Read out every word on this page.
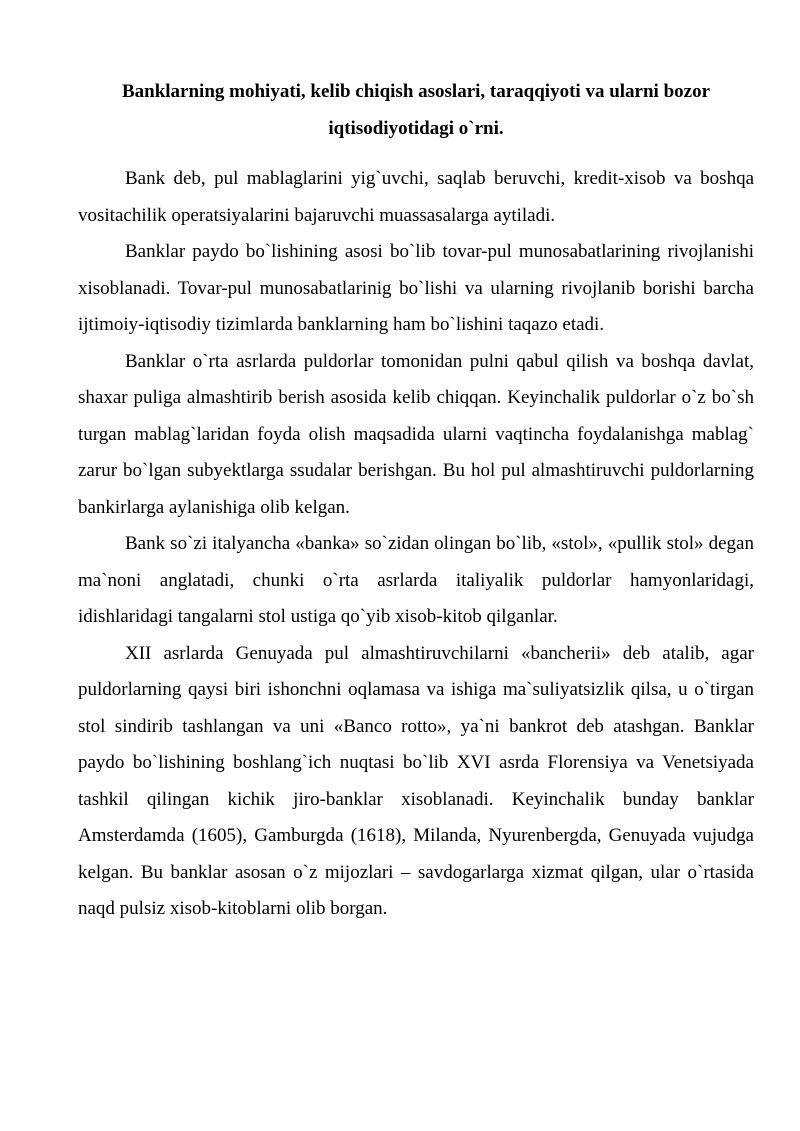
Banklarning mohiyati, kelib chiqish asoslari, taraqqiyoti va ularni bozor iqtisodiyotidagi o`rni.

Bank deb, pul mablaglarini yig`uvchi, saqlab beruvchi, kredit-xisob va boshqa vositachilik operatsiyalarini bajaruvchi muassasalarga aytiladi.

Banklar paydo bo`lishining asosi bo`lib tovar-pul munosabatlarining rivojlanishi xisoblanadi. Tovar-pul munosabatlarinig bo`lishi va ularning rivojlanib borishi barcha ijtimoiy-iqtisodiy tizimlarda banklarning ham bo`lishini taqazo etadi.

Banklar o`rta asrlarda puldorlar tomonidan pulni qabul qilish va boshqa davlat, shaxar puliga almashtirib berish asosida kelib chiqqan. Keyinchalik puldorlar o`z bo`sh turgan mablag`laridan foyda olish maqsadida ularni vaqtincha foydalanishga mablag` zarur bo`lgan subyektlarga ssudalar berishgan. Bu hol pul almashtiruvchi puldorlarning bankirlarga aylanishiga olib kelgan.

Bank so`zi italyancha «banka» so`zidan olingan bo`lib, «stol», «pullik stol» degan ma`noni anglatadi, chunki o`rta asrlarda italiyalik puldorlar hamyonlaridagi, idishlaridagi tangalarni stol ustiga qo`yib xisob-kitob qilganlar.

XII asrlarda Genuyada pul almashtiruvchilarni «bancherii» deb atalib, agar puldorlarning qaysi biri ishonchni oqlamasa va ishiga ma`suliyatsizlik qilsa, u o`tirgan stol sindirib tashlangan va uni «Banco rotto», ya`ni bankrot deb atashgan. Banklar paydo bo`lishining boshlang`ich nuqtasi bo`lib XVI asrda Florensiya va Venetsiyada tashkil qilingan kichik jiro-banklar xisoblanadi. Keyinchalik bunday banklar Amsterdamda (1605), Gamburgda (1618), Milanda, Nyurenbergda, Genuyada vujudga kelgan. Bu banklar asosan o`z mijozlari – savdogarlarga xizmat qilgan, ular o`rtasida naqd pulsiz xisob-kitoblarni olib borgan.
